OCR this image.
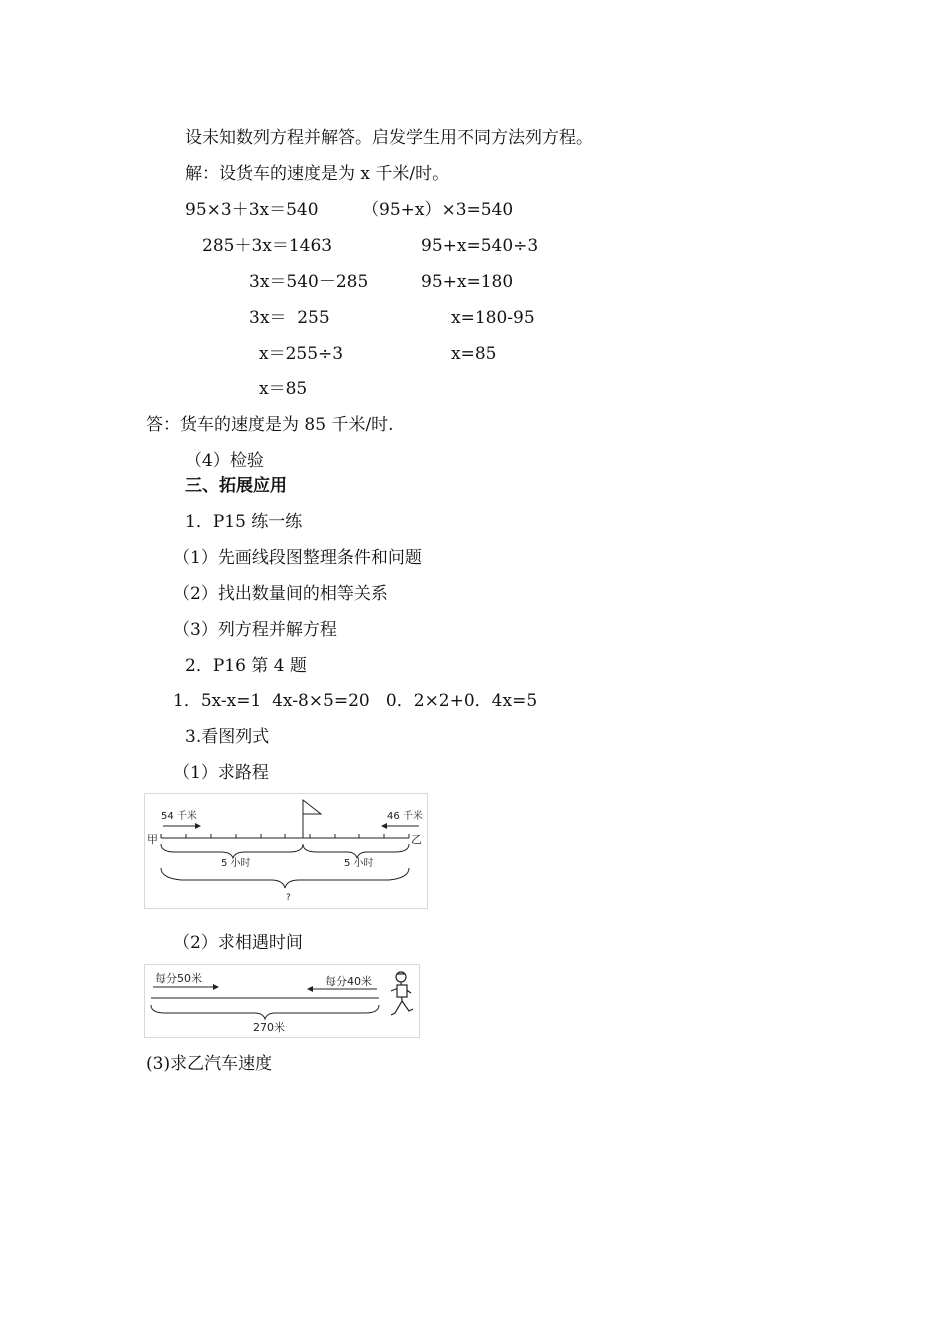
设未知数列方程并解答。启发学生用不同方法列方程。
解：设货车的速度是为 x 千米/时。
95×3＋3x＝540
285＋3x＝1463
3x＝540－285
3x＝  255
x＝255÷3
x＝85
（95+x）×3=540
95+x=540÷3
95+x=180
x=180-95
x=85
答：货车的速度是为 85 千米/时.
（4）检验
三、拓展应用
1．P15 练一练
（1）先画线段图整理条件和问题
（2）找出数量间的相等关系
（3）列方程并解方程
2．P16 第 4 题
1．5x-x=1  4x-8×5=20   0．2×2+0．4x=5
3.看图列式
（1）求路程
54 千米	46 千米
甲	乙
5 小时	5 小时
?
（2）求相遇时间
每分50米	每分40米
270米
(3)求乙汽车速度
